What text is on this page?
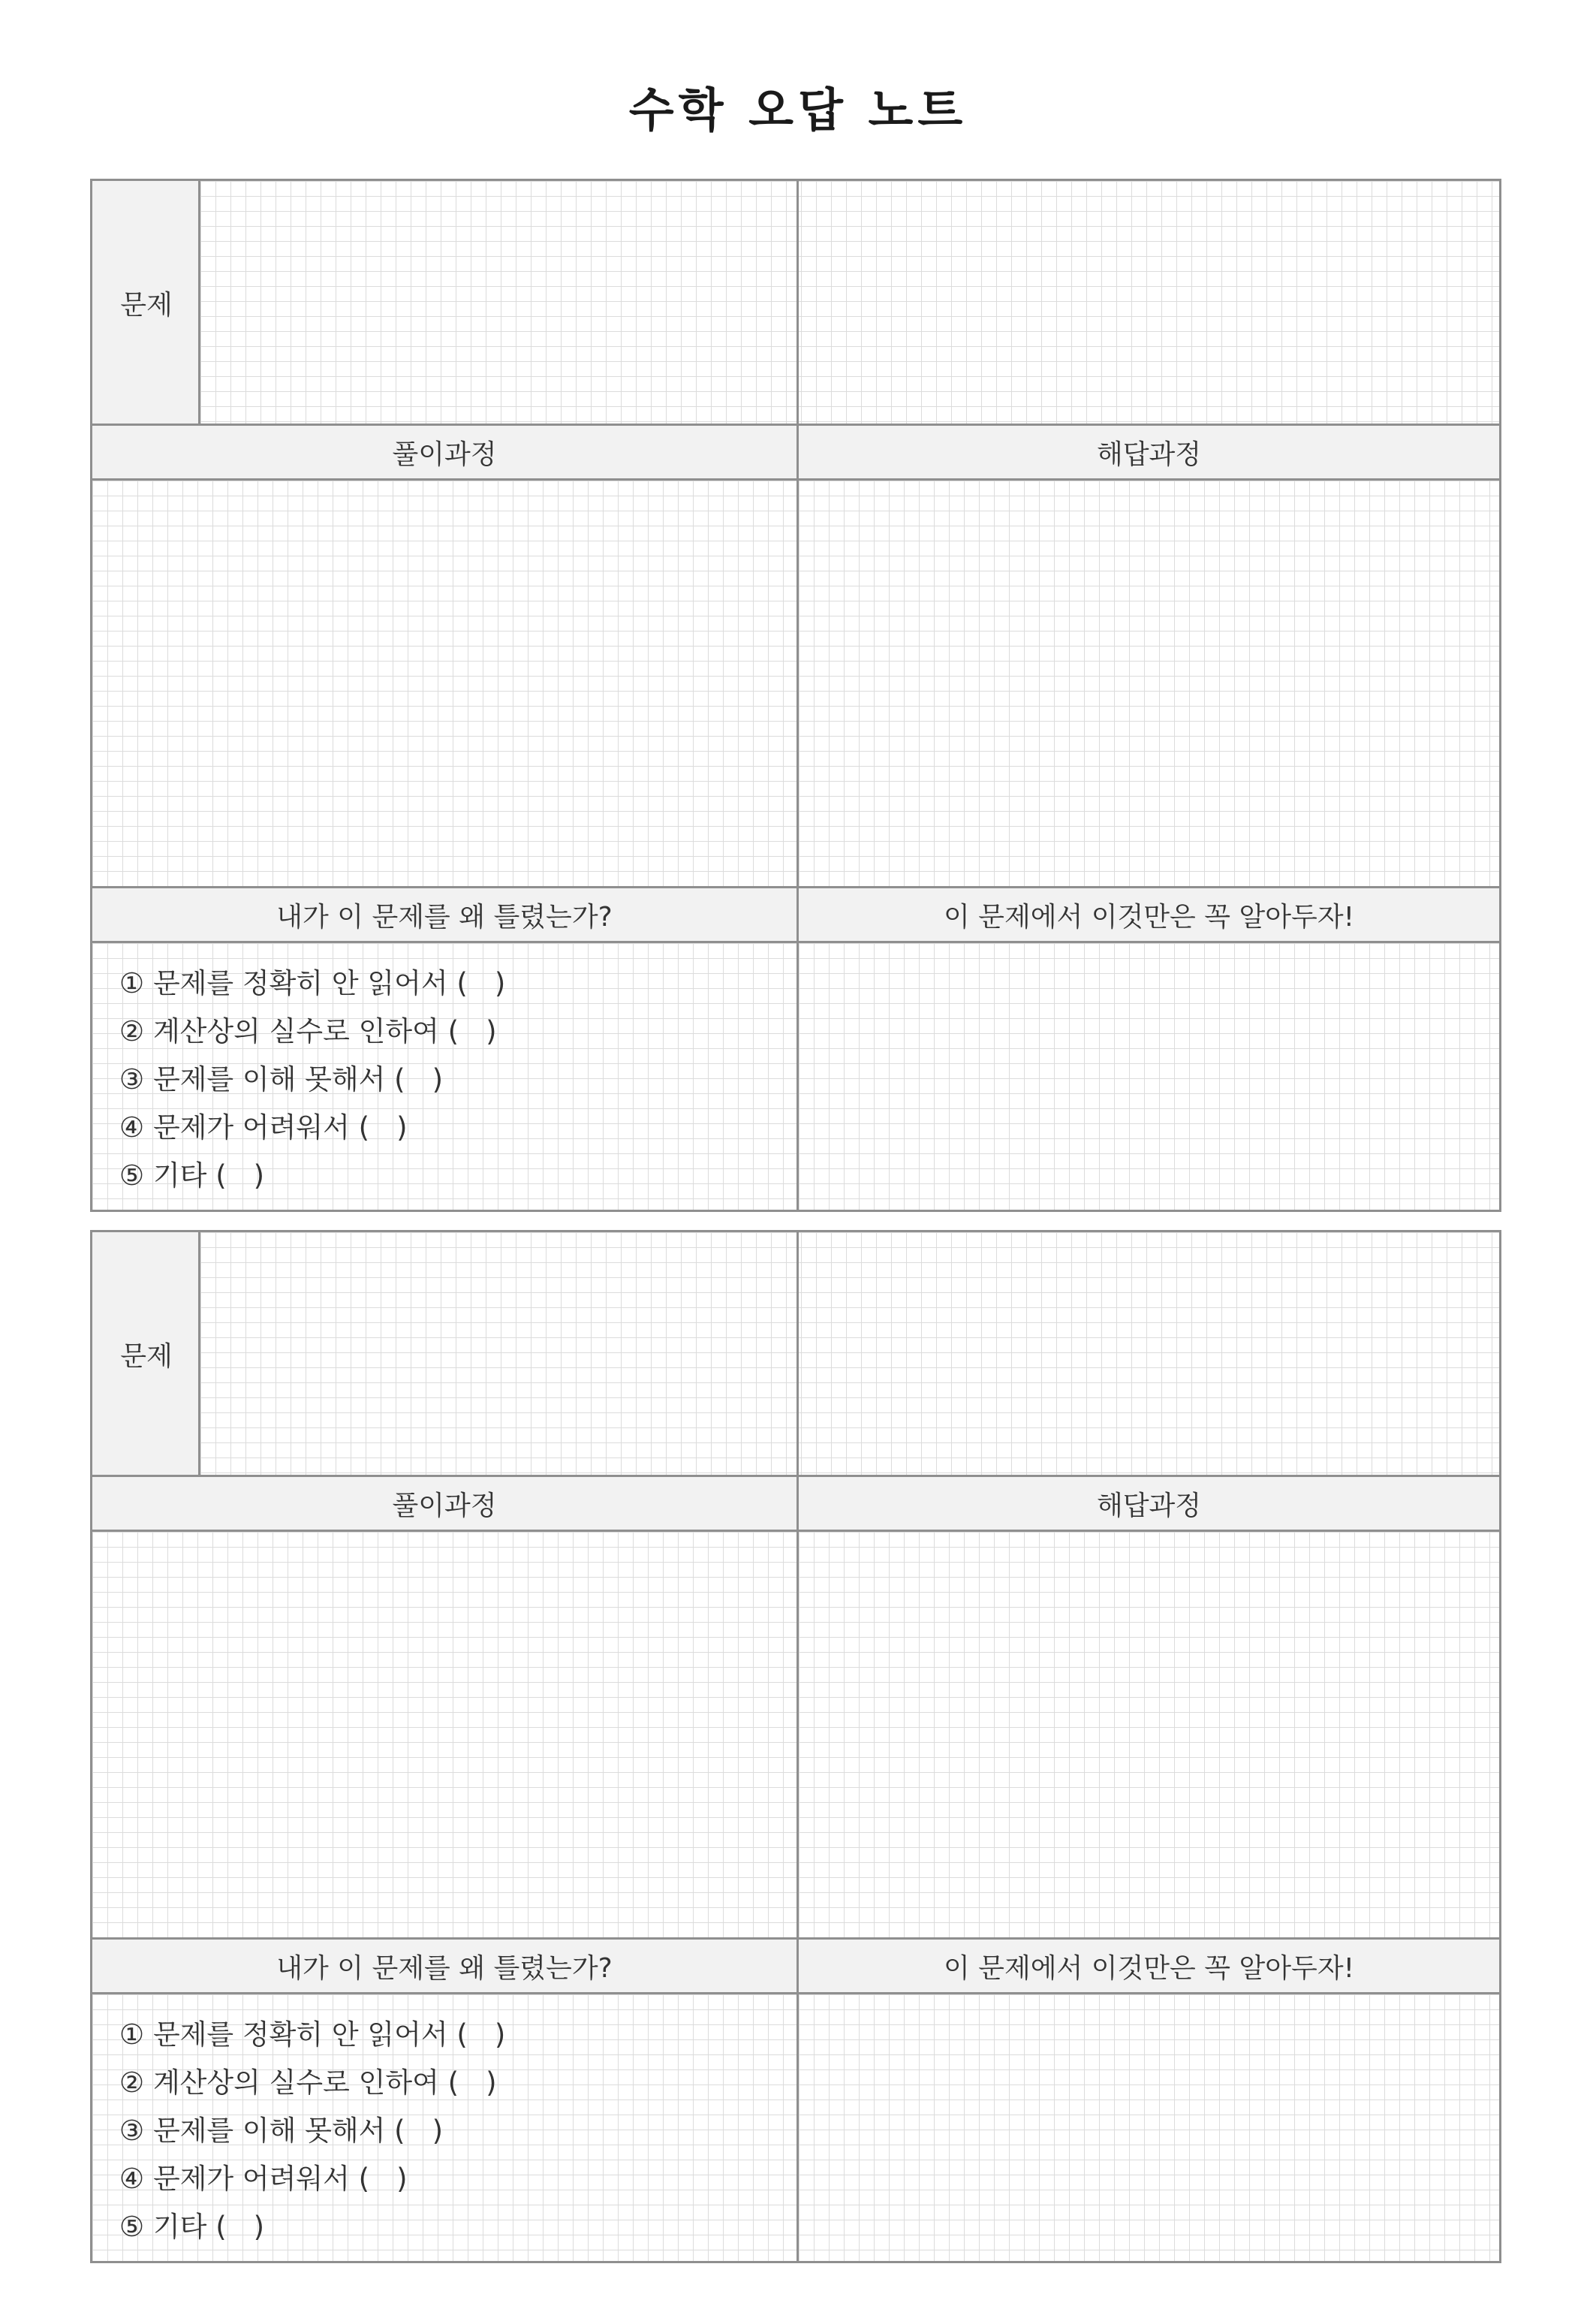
수학 오답 노트
문제
풀이과정	해답과정
내가 이 문제를 왜 틀렸는가?	이 문제에서 이것만은 꼭 알아두자!
① 문제를 정확히 안 읽어서 ( )
② 계산상의 실수로 인하여 ( )
③ 문제를 이해 못해서 ( )
④ 문제가 어려워서 ( )
⑤ 기타 ( )
문제
풀이과정	해답과정
내가 이 문제를 왜 틀렸는가?	이 문제에서 이것만은 꼭 알아두자!
① 문제를 정확히 안 읽어서 ( )
② 계산상의 실수로 인하여 ( )
③ 문제를 이해 못해서 ( )
④ 문제가 어려워서 ( )
⑤ 기타 ( )
